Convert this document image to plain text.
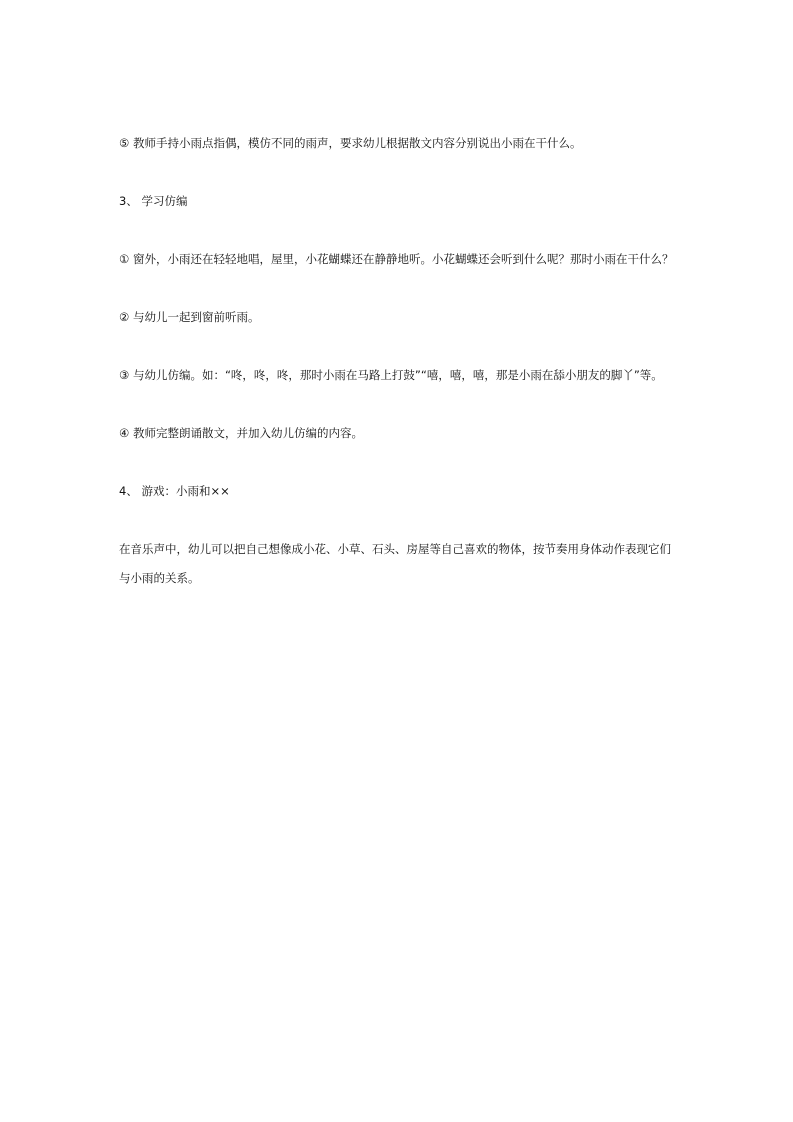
⑤ 教师手持小雨点指偶，模仿不同的雨声，要求幼儿根据散文内容分别说出小雨在干什么。

3、 学习仿编

① 窗外，小雨还在轻轻地唱，屋里，小花蝴蝶还在静静地听。小花蝴蝶还会听到什么呢？那时小雨在干什么？

② 与幼儿一起到窗前听雨。

③ 与幼儿仿编。如：“咚，咚，咚，那时小雨在马路上打鼓”“嘻，嘻，嘻，那是小雨在舔小朋友的脚丫”等。

④ 教师完整朗诵散文，并加入幼儿仿编的内容。

4、 游戏：小雨和××

在音乐声中，幼儿可以把自己想像成小花、小草、石头、房屋等自己喜欢的物体，按节奏用身体动作表现它们与小雨的关系。
